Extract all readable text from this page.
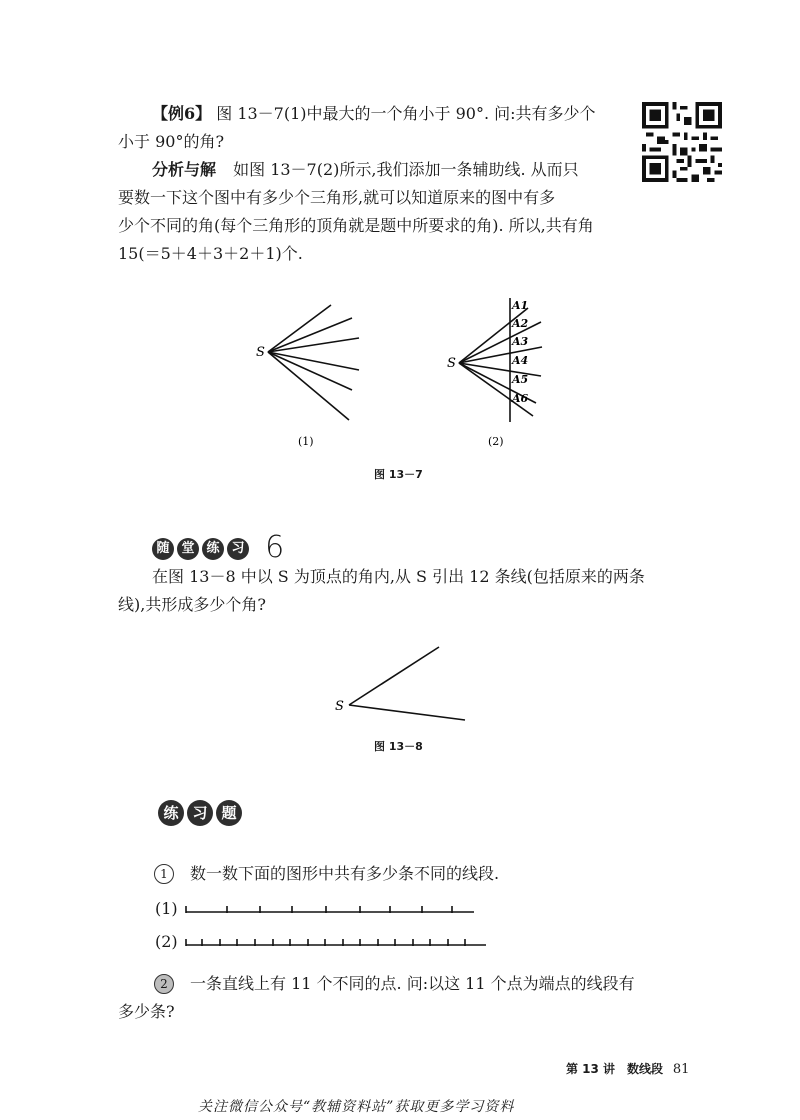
【例6】 图 13－7(1)中最大的一个角小于 90°. 问:共有多少个
小于 90°的角?
分析与解 如图 13－7(2)所示,我们添加一条辅助线. 从而只
要数一下这个图中有多少个三角形,就可以知道原来的图中有多
少个不同的角(每个三角形的顶角就是题中所要求的角). 所以,共有角
15(＝5＋4＋3＋2＋1)个.
S
(1)
S
A1
A2
A3
A4
A5
A6
(2)
图 13－7
随 堂 练 习 6
在图 13－8 中以 S 为顶点的角内,从 S 引出 12 条线(包括原来的两条
线),共形成多少个角?
S
图 13－8
练 习 题
1 数一数下面的图形中共有多少条不同的线段.
(1)
(2)
2 一条直线上有 11 个不同的点. 问:以这 11 个点为端点的线段有
多少条?
第 13 讲　数线段 81
关注微信公众号“教辅资料站”获取更多学习资料
